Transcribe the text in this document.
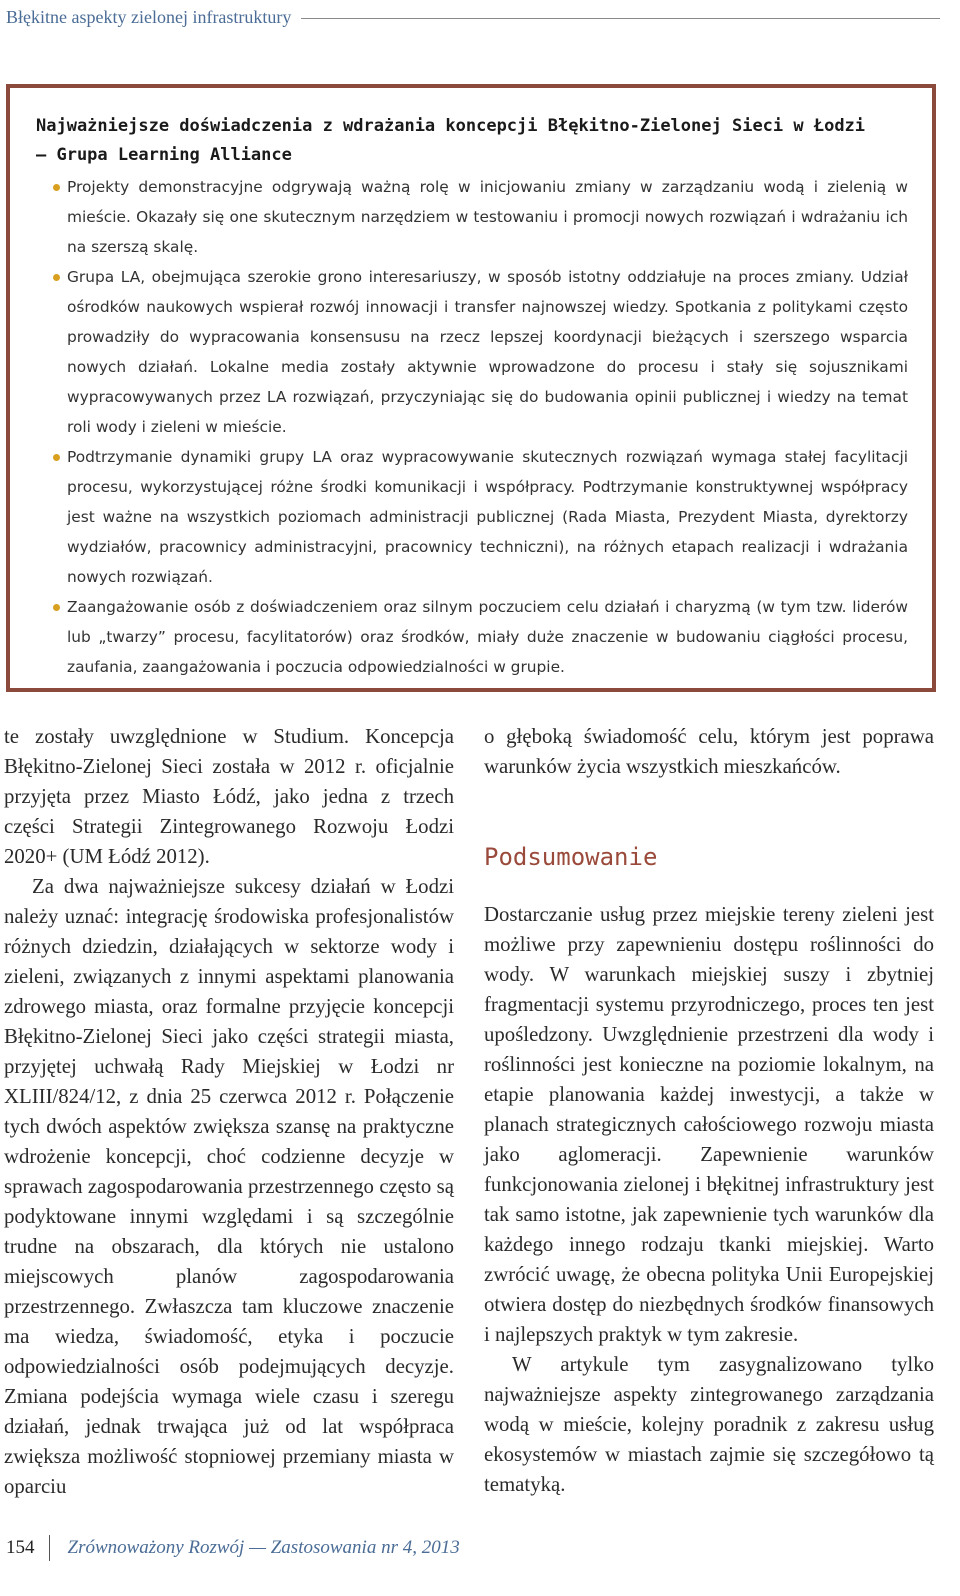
Błękitne aspekty zielonej infrastruktury
Najważniejsze doświadczenia z wdrażania koncepcji Błękitno-Zielonej Sieci w Łodzi
— Grupa Learning Alliance
Projekty demonstracyjne odgrywają ważną rolę w inicjowaniu zmiany w zarządzaniu wodą i zielenią w mieście. Okazały się one skutecznym narzędziem w testowaniu i promocji nowych rozwiązań i wdrażaniu ich na szerszą skalę.
Grupa LA, obejmująca szerokie grono interesariuszy, w sposób istotny oddziałuje na proces zmiany. Udział ośrodków naukowych wspierał rozwój innowacji i transfer najnowszej wiedzy. Spotkania z politykami często prowadziły do wypracowania konsensusu na rzecz lepszej koordynacji bieżących i szerszego wsparcia nowych działań. Lokalne media zostały aktywnie wprowadzone do procesu i stały się sojusznikami wypracowywanych przez LA rozwiązań, przyczyniając się do budowania opinii publicznej i wiedzy na temat roli wody i zieleni w mieście.
Podtrzymanie dynamiki grupy LA oraz wypracowywanie skutecznych rozwiązań wymaga stałej facylitacji procesu, wykorzystującej różne środki komunikacji i współpracy. Podtrzymanie konstruktywnej współpracy jest ważne na wszystkich poziomach administracji publicznej (Rada Miasta, Prezydent Miasta, dyrektorzy wydziałów, pracownicy administracyjni, pracownicy techniczni), na różnych etapach realizacji i wdrażania nowych rozwiązań.
Zaangażowanie osób z doświadczeniem oraz silnym poczuciem celu działań i charyzmą (w tym tzw. liderów lub „twarzy” procesu, facylitatorów) oraz środków, miały duże znaczenie w budowaniu ciągłości procesu, zaufania, zaangażowania i poczucia odpowiedzialności w grupie.

te zostały uwzględnione w Studium. Koncepcja Błękitno-Zielonej Sieci została w 2012 r. oficjalnie przyjęta przez Miasto Łódź, jako jedna z trzech części Strategii Zintegrowanego Rozwoju Łodzi 2020+ (UM Łódź 2012).

Za dwa najważniejsze sukcesy działań w Łodzi należy uznać: integrację środowiska profesjonalistów różnych dziedzin, działających w sektorze wody i zieleni, związanych z innymi aspektami planowania zdrowego miasta, oraz formalne przyjęcie koncepcji Błękitno-Zielonej Sieci jako części strategii miasta, przyjętej uchwałą Rady Miejskiej w Łodzi nr XLIII/824/12, z dnia 25 czerwca 2012 r. Połączenie tych dwóch aspektów zwiększa szansę na praktyczne wdrożenie koncepcji, choć codzienne decyzje w sprawach zagospodarowania przestrzennego często są podyktowane innymi względami i są szczególnie trudne na obszarach, dla których nie ustalono miejscowych planów zagospodarowania przestrzennego. Zwłaszcza tam kluczowe znaczenie ma wiedza, świadomość, etyka i poczucie odpowiedzialności osób podejmujących decyzje. Zmiana podejścia wymaga wiele czasu i szeregu działań, jednak trwająca już od lat współpraca zwiększa możliwość stopniowej przemiany miasta w oparciu

o głęboką świadomość celu, którym jest poprawa warunków życia wszystkich mieszkańców.

Podsumowanie

Dostarczanie usług przez miejskie tereny zieleni jest możliwe przy zapewnieniu dostępu roślinności do wody. W warunkach miejskiej suszy i zbytniej fragmentacji systemu przyrodniczego, proces ten jest upośledzony. Uwzględnienie przestrzeni dla wody i roślinności jest konieczne na poziomie lokalnym, na etapie planowania każdej inwestycji, a także w planach strategicznych całościowego rozwoju miasta jako aglomeracji. Zapewnienie warunków funkcjonowania zielonej i błękitnej infrastruktury jest tak samo istotne, jak zapewnienie tych warunków dla każdego innego rodzaju tkanki miejskiej. Warto zwrócić uwagę, że obecna polityka Unii Europejskiej otwiera dostęp do niezbędnych środków finansowych i najlepszych praktyk w tym zakresie.

W artykule tym zasygnalizowano tylko najważniejsze aspekty zintegrowanego zarządzania wodą w mieście, kolejny poradnik z zakresu usług ekosystemów w miastach zajmie się szczegółowo tą tematyką.

154 Zrównoważony Rozwój — Zastosowania nr 4, 2013
